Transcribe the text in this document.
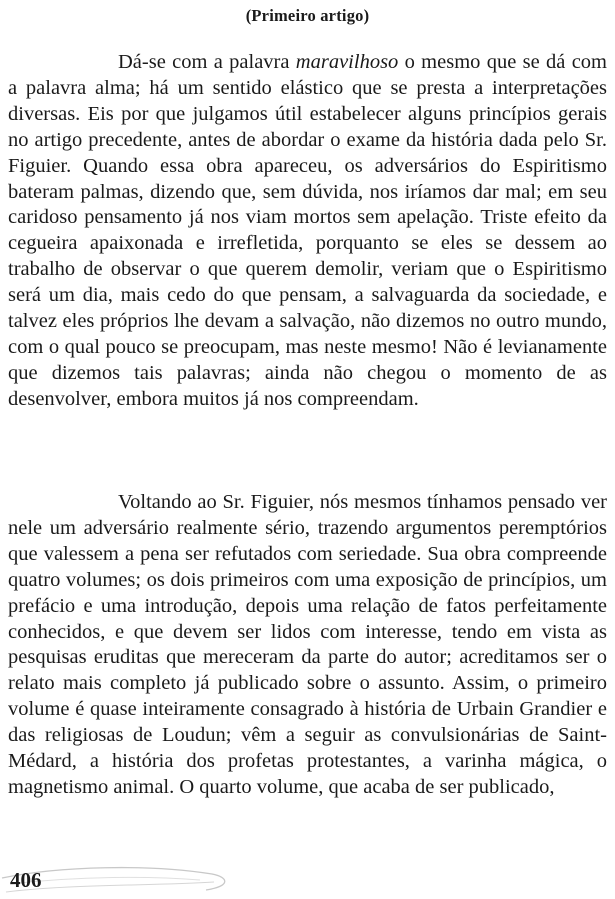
(Primeiro artigo)

Dá-se com a palavra maravilhoso o mesmo que se dá com a palavra alma; há um sentido elástico que se presta a interpretações diversas. Eis por que julgamos útil estabelecer alguns princípios gerais no artigo precedente, antes de abordar o exame da história dada pelo Sr. Figuier. Quando essa obra apareceu, os adversários do Espiritismo bateram palmas, dizendo que, sem dúvida, nos iríamos dar mal; em seu caridoso pensamento já nos viam mortos sem apelação. Triste efeito da cegueira apaixonada e irrefletida, porquanto se eles se dessem ao trabalho de observar o que querem demolir, veriam que o Espiritismo será um dia, mais cedo do que pensam, a salvaguarda da sociedade, e talvez eles próprios lhe devam a salvação, não dizemos no outro mundo, com o qual pouco se preocupam, mas neste mesmo! Não é levianamente que dizemos tais palavras; ainda não chegou o momento de as desenvolver, embora muitos já nos compreendam.

Voltando ao Sr. Figuier, nós mesmos tínhamos pensado ver nele um adversário realmente sério, trazendo argumentos peremptórios que valessem a pena ser refutados com seriedade. Sua obra compreende quatro volumes; os dois primeiros com uma exposição de princípios, um prefácio e uma introdução, depois uma relação de fatos perfeitamente conhecidos, e que devem ser lidos com interesse, tendo em vista as pesquisas eruditas que mereceram da parte do autor; acreditamos ser o relato mais completo já publicado sobre o assunto. Assim, o primeiro volume é quase inteiramente consagrado à história de Urbain Grandier e das religiosas de Loudun; vêm a seguir as convulsionárias de Saint-Médard, a história dos profetas protestantes, a varinha mágica, o magnetismo animal. O quarto volume, que acaba de ser publicado,

406
